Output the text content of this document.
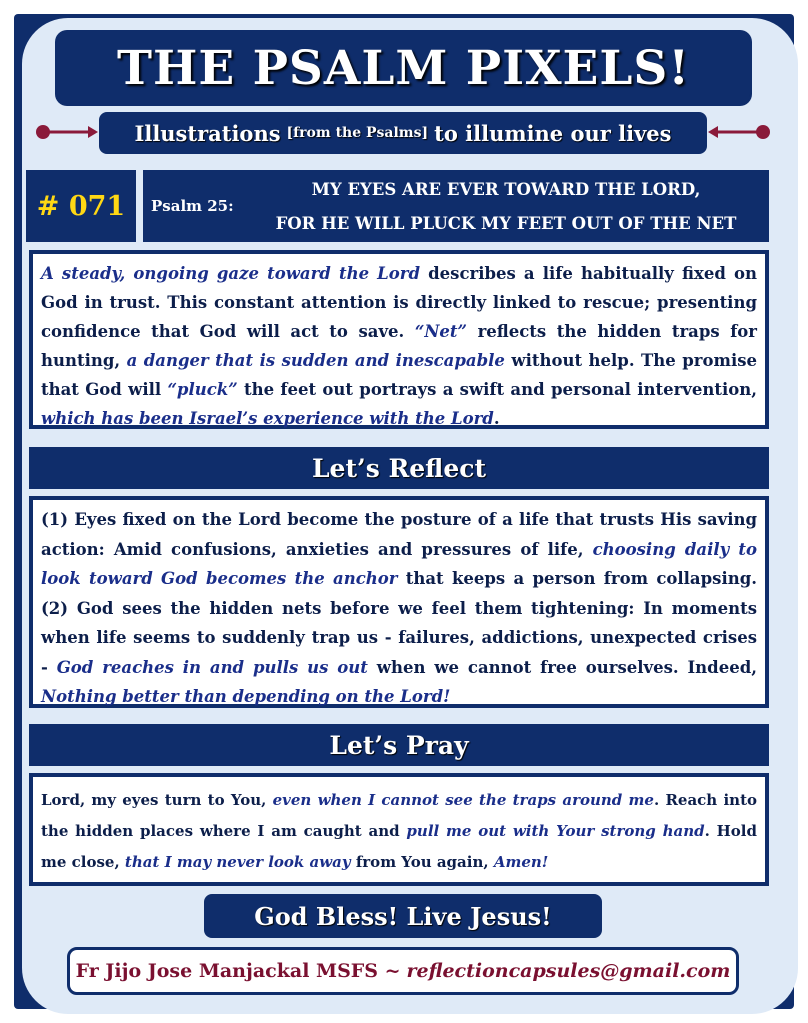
THE PSALM PIXELS!
Illustrations [from the Psalms] to illumine our lives
# 071	Psalm 25:
MY EYES ARE EVER TOWARD THE LORD,
FOR HE WILL PLUCK MY FEET OUT OF THE NET
A steady, ongoing gaze toward the Lord describes a life habitually fixed on God in trust. This constant attention is directly linked to rescue; presenting confidence that God will act to save. “Net” reflects the hidden traps for hunting, a danger that is sudden and inescapable without help. The promise that God will “pluck” the feet out portrays a swift and personal intervention, which has been Israel’s experience with the Lord.
Let’s Reflect
(1) Eyes fixed on the Lord become the posture of a life that trusts His saving action: Amid confusions, anxieties and pressures of life, choosing daily to look toward God becomes the anchor that keeps a person from collapsing. (2) God sees the hidden nets before we feel them tightening: In moments when life seems to suddenly trap us - failures, addictions, unexpected crises - God reaches in and pulls us out when we cannot free ourselves. Indeed, Nothing better than depending on the Lord!
Let’s Pray
Lord, my eyes turn to You, even when I cannot see the traps around me. Reach into the hidden places where I am caught and pull me out with Your strong hand. Hold me close, that I may never look away from You again, Amen!
God Bless! Live Jesus!
Fr Jijo Jose Manjackal MSFS ~ reflectioncapsules@gmail.com
